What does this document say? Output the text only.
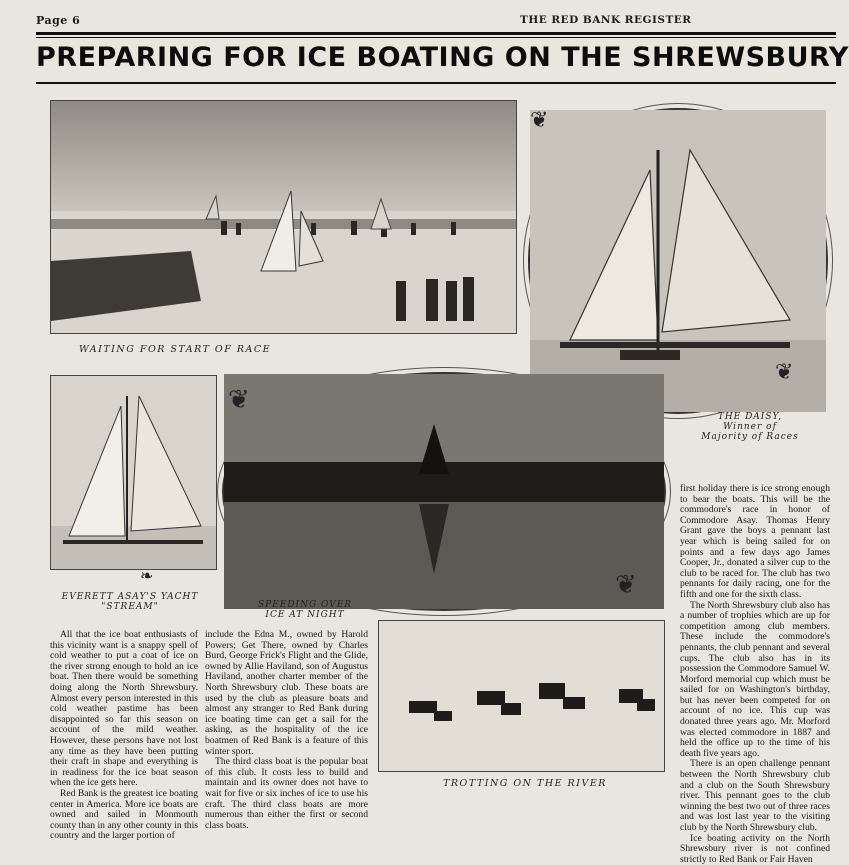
Page 6	THE RED BANK REGISTER
PREPARING FOR ICE BOATING ON THE SHREWSBURY
WAITING FOR START OF RACE
❦
❦
THE DAISY, Winner of Majority of Races
❧
EVERETT ASAY'S YACHT "STREAM"
❦
❦
SPEEDING OVER ICE AT NIGHT
TROTTING ON THE RIVER

All that the ice boat enthusiasts of this vicinity want is a snappy spell of cold weather to put a coat of ice on the river strong enough to hold an ice boat. Then there would be something doing along the North Shrewsbury. Almost every person interested in this cold weather pastime has been disappointed so far this season on account of the mild weather. However, these persons have not lost any time as they have been putting their craft in shape and everything is in readiness for the ice boat season when the ice gets here.

Red Bank is the greatest ice boating center in America. More ice boats are owned and sailed in Monmouth county than in any other county in this country and the larger portion of

include the Edna M., owned by Harold Powers; Get There, owned by Charles Burd, George Frick's Flight and the Glide, owned by Allie Haviland, son of Augustus Haviland, another charter member of the North Shrewsbury club. These boats are used by the club as pleasure boats and almost any stranger to Red Bank during ice boating time can get a sail for the asking, as the hospitality of the ice boatmen of Red Bank is a feature of this winter sport.

The third class boat is the popular boat of this club. It costs less to build and maintain and its owner does not have to wait for five or six inches of ice to use his craft. The third class boats are more numerous than either the first or second class boats.

first holiday there is ice strong enough to bear the boats. This will be the commodore's race in honor of Commodore Asay. Thomas Henry Grant gave the boys a pennant last year which is being sailed for on points and a few days ago James Cooper, Jr., donated a silver cup to the club to be raced for. The club has two pennants for daily racing, one for the fifth and one for the sixth class.

The North Shrewsbury club also has a number of trophies which are up for competition among club members. These include the commodore's pennants, the club pennant and several cups. The club also has in its possession the Commodore Samuel W. Morford memorial cup which must be sailed for on Washington's birthday, but has never been competed for on account of no ice. This cup was donated three years ago. Mr. Morford was elected commodore in 1887 and held the office up to the time of his death five years ago.

There is an open challenge pennant between the North Shrewsbury club and a club on the South Shrewsbury river. This pennant goes to the club winning the best two out of three races and was lost last year to the visiting club by the North Shrewsbury club.

Ice boating activity on the North Shrewsbury river is not confined strictly to Red Bank or Fair Haven
